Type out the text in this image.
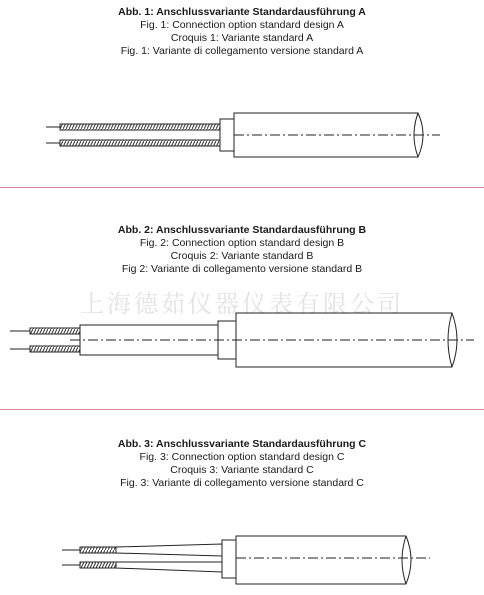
Abb. 1: Anschlussvariante Standardausführung A
Fig. 1: Connection option standard design A
Croquis 1: Variante standard A
Fig. 1: Variante di collegamento versione standard A
Abb. 2: Anschlussvariante Standardausführung B
Fig. 2: Connection option standard design B
Croquis 2: Variante standard B
Fig 2: Variante di collegamento versione standard B
上海德茹仪器仪表有限公司
Abb. 3: Anschlussvariante Standardausführung C
Fig. 3: Connection option standard design C
Croquis 3: Variante standard C
Fig. 3: Variante di collegamento versione standard C
